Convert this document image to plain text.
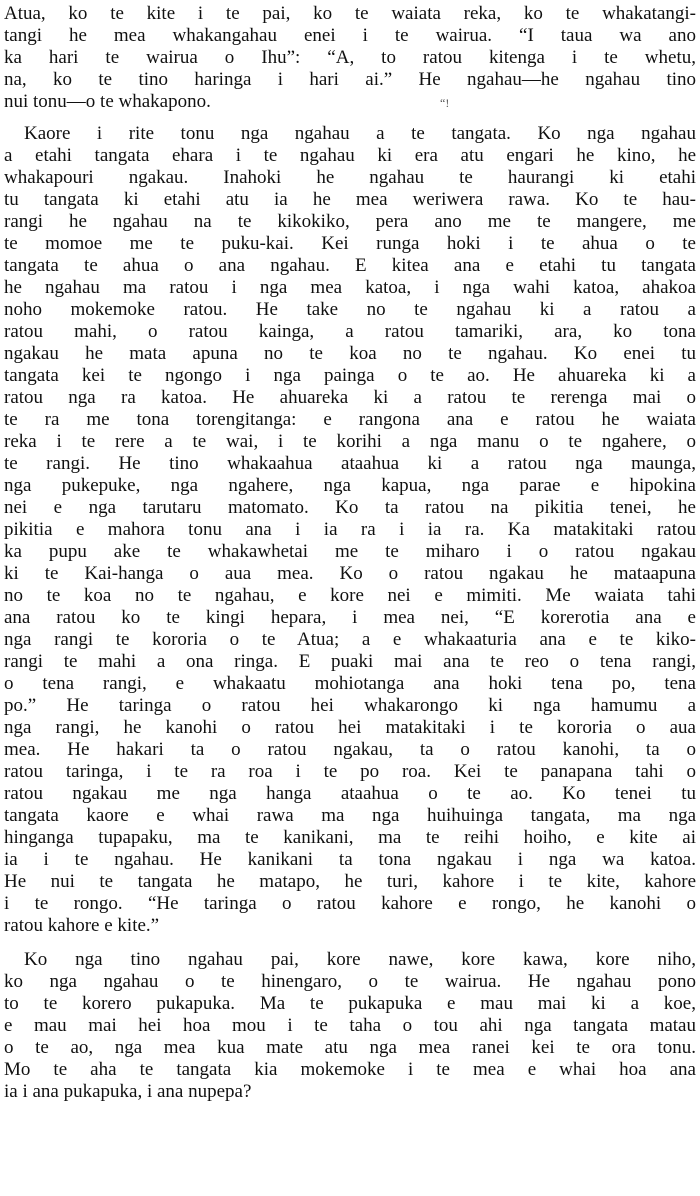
“!

Atua, ko te kite i te pai, ko te waiata reka, ko te whakatangi-
tangi he mea whakangahau enei i te wairua. “I taua wa ano
ka hari te wairua o Ihu”: “A, to ratou kitenga i te whetu,
na, ko te tino haringa i hari ai.” He ngahau—he ngahau tino
nui tonu—o te whakapono.

Kaore i rite tonu nga ngahau a te tangata. Ko nga ngahau
a etahi tangata ehara i te ngahau ki era atu engari he kino, he
whakapouri ngakau. Inahoki he ngahau te haurangi ki etahi
tu tangata ki etahi atu ia he mea weriwera rawa. Ko te hau-
rangi he ngahau na te kikokiko, pera ano me te mangere, me
te momoe me te puku-kai. Kei runga hoki i te ahua o te
tangata te ahua o ana ngahau. E kitea ana e etahi tu tangata
he ngahau ma ratou i nga mea katoa, i nga wahi katoa, ahakoa
noho mokemoke ratou. He take no te ngahau ki a ratou a
ratou mahi, o ratou kainga, a ratou tamariki, ara, ko tona
ngakau he mata apuna no te koa no te ngahau. Ko enei tu
tangata kei te ngongo i nga painga o te ao. He ahuareka ki a
ratou nga ra katoa. He ahuareka ki a ratou te rerenga mai o
te ra me tona torengitanga: e rangona ana e ratou he waiata
reka i te rere a te wai, i te korihi a nga manu o te ngahere, o
te rangi. He tino whakaahua ataahua ki a ratou nga maunga,
nga pukepuke, nga ngahere, nga kapua, nga parae e hipokina
nei e nga tarutaru matomato. Ko ta ratou na pikitia tenei, he
pikitia e mahora tonu ana i ia ra i ia ra. Ka matakitaki ratou
ka pupu ake te whakawhetai me te miharo i o ratou ngakau
ki te Kai-hanga o aua mea. Ko o ratou ngakau he mataapuna
no te koa no te ngahau, e kore nei e mimiti. Me waiata tahi
ana ratou ko te kingi hepara, i mea nei, “E korerotia ana e
nga rangi te kororia o te Atua; a e whakaaturia ana e te kiko-
rangi te mahi a ona ringa. E puaki mai ana te reo o tena rangi,
o tena rangi, e whakaatu mohiotanga ana hoki tena po, tena
po.” He taringa o ratou hei whakarongo ki nga hamumu a
nga rangi, he kanohi o ratou hei matakitaki i te kororia o aua
mea. He hakari ta o ratou ngakau, ta o ratou kanohi, ta o
ratou taringa, i te ra roa i te po roa. Kei te panapana tahi o
ratou ngakau me nga hanga ataahua o te ao. Ko tenei tu
tangata kaore e whai rawa ma nga huihuinga tangata, ma nga
hinganga tupapaku, ma te kanikani, ma te reihi hoiho, e kite ai
ia i te ngahau. He kanikani ta tona ngakau i nga wa katoa.
He nui te tangata he matapo, he turi, kahore i te kite, kahore
i te rongo. “He taringa o ratou kahore e rongo, he kanohi o
ratou kahore e kite.”

Ko nga tino ngahau pai, kore nawe, kore kawa, kore niho,
ko nga ngahau o te hinengaro, o te wairua. He ngahau pono
to te korero pukapuka. Ma te pukapuka e mau mai ki a koe,
e mau mai hei hoa mou i te taha o tou ahi nga tangata matau
o te ao, nga mea kua mate atu nga mea ranei kei te ora tonu.
Mo te aha te tangata kia mokemoke i te mea e whai hoa ana
ia i ana pukapuka, i ana nupepa?
